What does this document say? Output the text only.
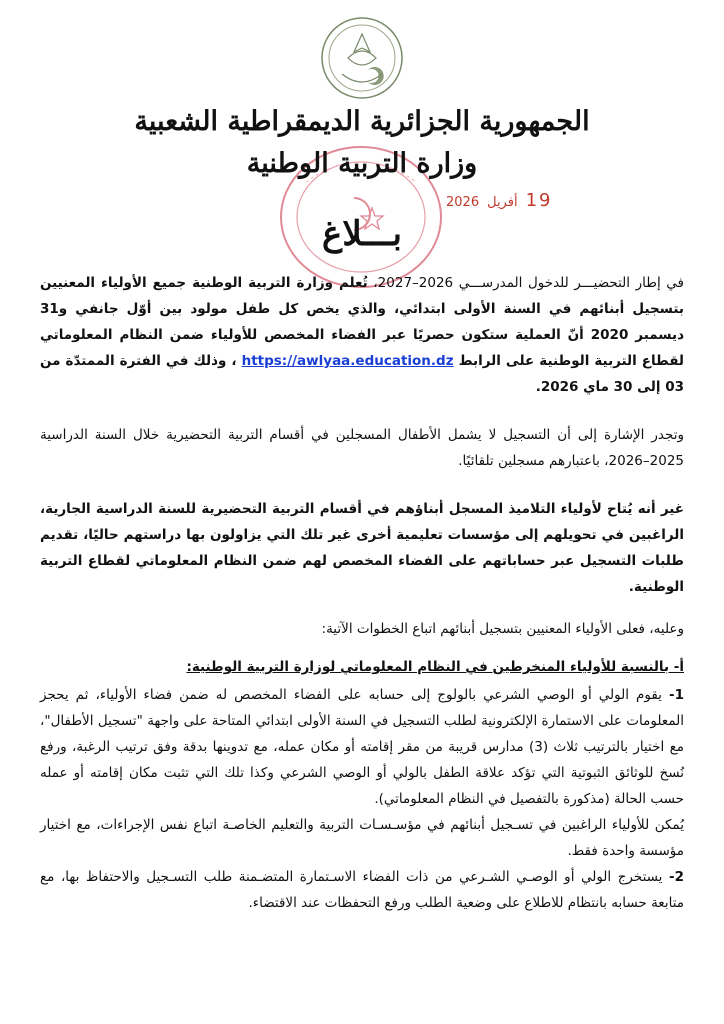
الجمهورية الجزائرية الديمقراطية الشعبية
وزارة التربية الوطنية
19
أفريل
2026
بـــلاغ

في إطار التحضيـــر للدخول المدرســـي 2026–2027، تُعلم وزارة التربية الوطنية جميع الأولياء المعنيين بتسجيل أبنائهم في السنة الأولى ابتدائي، والذي يخص كل طفل مولود بين أوّل جانفي و31 ديسمبر 2020 أنّ العملية ستكون حصريًا عبر الفضاء المخصص للأولياء ضمن النظام المعلوماتي لقطاع التربية الوطنية على الرابط https://awlyaa.education.dz ، وذلك في الفترة الممتدّة من 03 إلى 30 ماي 2026.

وتجدر الإشارة إلى أن التسجيل لا يشمل الأطفال المسجلين في أقسام التربية التحضيرية خلال السنة الدراسية 2025–2026، باعتبارهم مسجلين تلقائيًا.

غير أنه يُتاح لأولياء التلاميذ المسجل أبناؤهم في أقسام التربية التحضيرية للسنة الدراسية الجارية، الراغبين في تحويلهم إلى مؤسسات تعليمية أخرى غير تلك التي يزاولون بها دراستهم حاليًا، تقديم طلبات التسجيل عبر حساباتهم على الفضاء المخصص لهم ضمن النظام المعلوماتي لقطاع التربية الوطنية.

وعليه، فعلى الأولياء المعنيين بتسجيل أبنائهم اتباع الخطوات الآتية:

أ- بالنسبة للأولياء المنخرطين في النظام المعلوماتي لوزارة التربية الوطنية:

1- يقوم الولي أو الوصي الشرعي بالولوج إلى حسابه على الفضاء المخصص له ضمن فضاء الأولياء، ثم يحجز المعلومات على الاستمارة الإلكترونية لطلب التسجيل في السنة الأولى ابتدائي المتاحة على واجهة "تسجيل الأطفال"، مع اختيار بالترتيب ثلاث (3) مدارس قريبة من مقر إقامته أو مكان عمله، مع تدوينها بدقة وفق ترتيب الرغبة، ورفع نُسخ للوثائق الثبوتية التي تؤكد علاقة الطفل بالولي أو الوصي الشرعي وكذا تلك التي تثبت مكان إقامته أو عمله حسب الحالة (مذكورة بالتفصيل في النظام المعلوماتي).

يُمكن للأولياء الراغبين في تسـجيل أبنائهم في مؤسـسـات التربية والتعليم الخاصـة اتباع نفس الإجراءات، مع اختيار مؤسسة واحدة فقط.

2- يستخرج الولي أو الوصـي الشـرعي من ذات الفضاء الاسـتمارة المتضـمنة طلب التسـجيل والاحتفاظ بها، مع متابعة حسابه بانتظام للاطلاع على وضعية الطلب ورفع التحفظات عند الاقتضاء.
